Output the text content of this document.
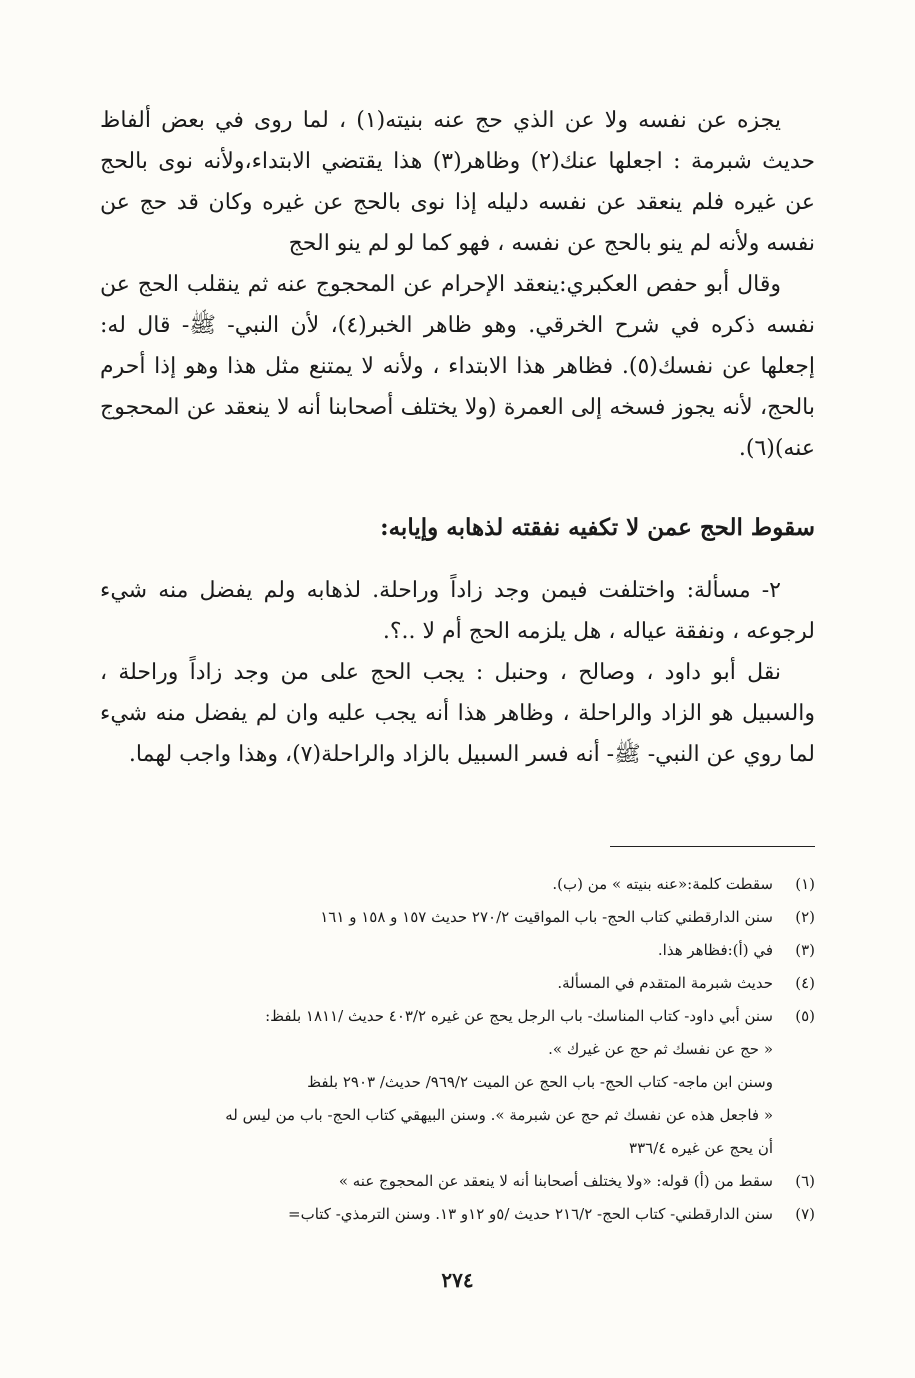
يجزه عن نفسه ولا عن الذي حج عنه بنيته(١) ، لما روى في بعض ألفاظ حديث شبرمة : اجعلها عنك(٢) وظاهر(٣) هذا يقتضي الابتداء،ولأنه نوى بالحج عن غيره فلم ينعقد عن نفسه دليله إذا نوى بالحج عن غيره وكان قد حج عن نفسه ولأنه لم ينو بالحج عن نفسه ، فهو كما لو لم ينو الحج

وقال أبو حفص العكبري:ينعقد الإحرام عن المحجوج عنه ثم ينقلب الحج عن نفسه ذكره في شرح الخرقي. وهو ظاهر الخبر(٤)، لأن النبي- ﷺ- قال له: إجعلها عن نفسك(٥). فظاهر هذا الابتداء ، ولأنه لا يمتنع مثل هذا وهو إذا أحرم بالحج، لأنه يجوز فسخه إلى العمرة (ولا يختلف أصحابنا أنه لا ينعقد عن المحجوج عنه)(٦).

سقوط الحج عمن لا تكفيه نفقته لذهابه وإيابه:

٢- مسألة: واختلفت فيمن وجد زاداً وراحلة. لذهابه ولم يفضل منه شيء لرجوعه ، ونفقة عياله ، هل يلزمه الحج أم لا ..؟.

نقل أبو داود ، وصالح ، وحنبل : يجب الحج على من وجد زاداً وراحلة ، والسبيل هو الزاد والراحلة ، وظاهر هذا أنه يجب عليه وان لم يفضل منه شيء لما روي عن النبي- ﷺ- أنه فسر السبيل بالزاد والراحلة(٧)، وهذا واجب لهما.

(١)
سقطت كلمة:«عنه بنيته » من (ب).
(٢)
سنن الدارقطني كتاب الحج- باب المواقيت ٢٧٠/٢ حديث ١٥٧ و ١٥٨ و ١٦١
(٣)
في (أ):فظاهر هذا.
(٤)
حديث شبرمة المتقدم في المسألة.
(٥)
سنن أبي داود- كتاب المناسك- باب الرجل يحج عن غيره ٤٠٣/٢ حديث /١٨١١ بلفظ:
« حج عن نفسك ثم حج عن غيرك ».
وسنن ابن ماجه- كتاب الحج- باب الحج عن الميت ٩٦٩/٢/ حديث/ ٢٩٠٣ بلفظ
« فاجعل هذه عن نفسك ثم حج عن شبرمة ». وسنن البيهقي كتاب الحج- باب من ليس له
أن يحج عن غيره ٣٣٦/٤
(٦)
سقط من (أ) قوله: «ولا يختلف أصحابنا أنه لا ينعقد عن المحجوج عنه »
(٧)
سنن الدارقطني- كتاب الحج- ٢١٦/٢ حديث /٥و ١٢و ١٣. وسنن الترمذي- كتاب=
٢٧٤
